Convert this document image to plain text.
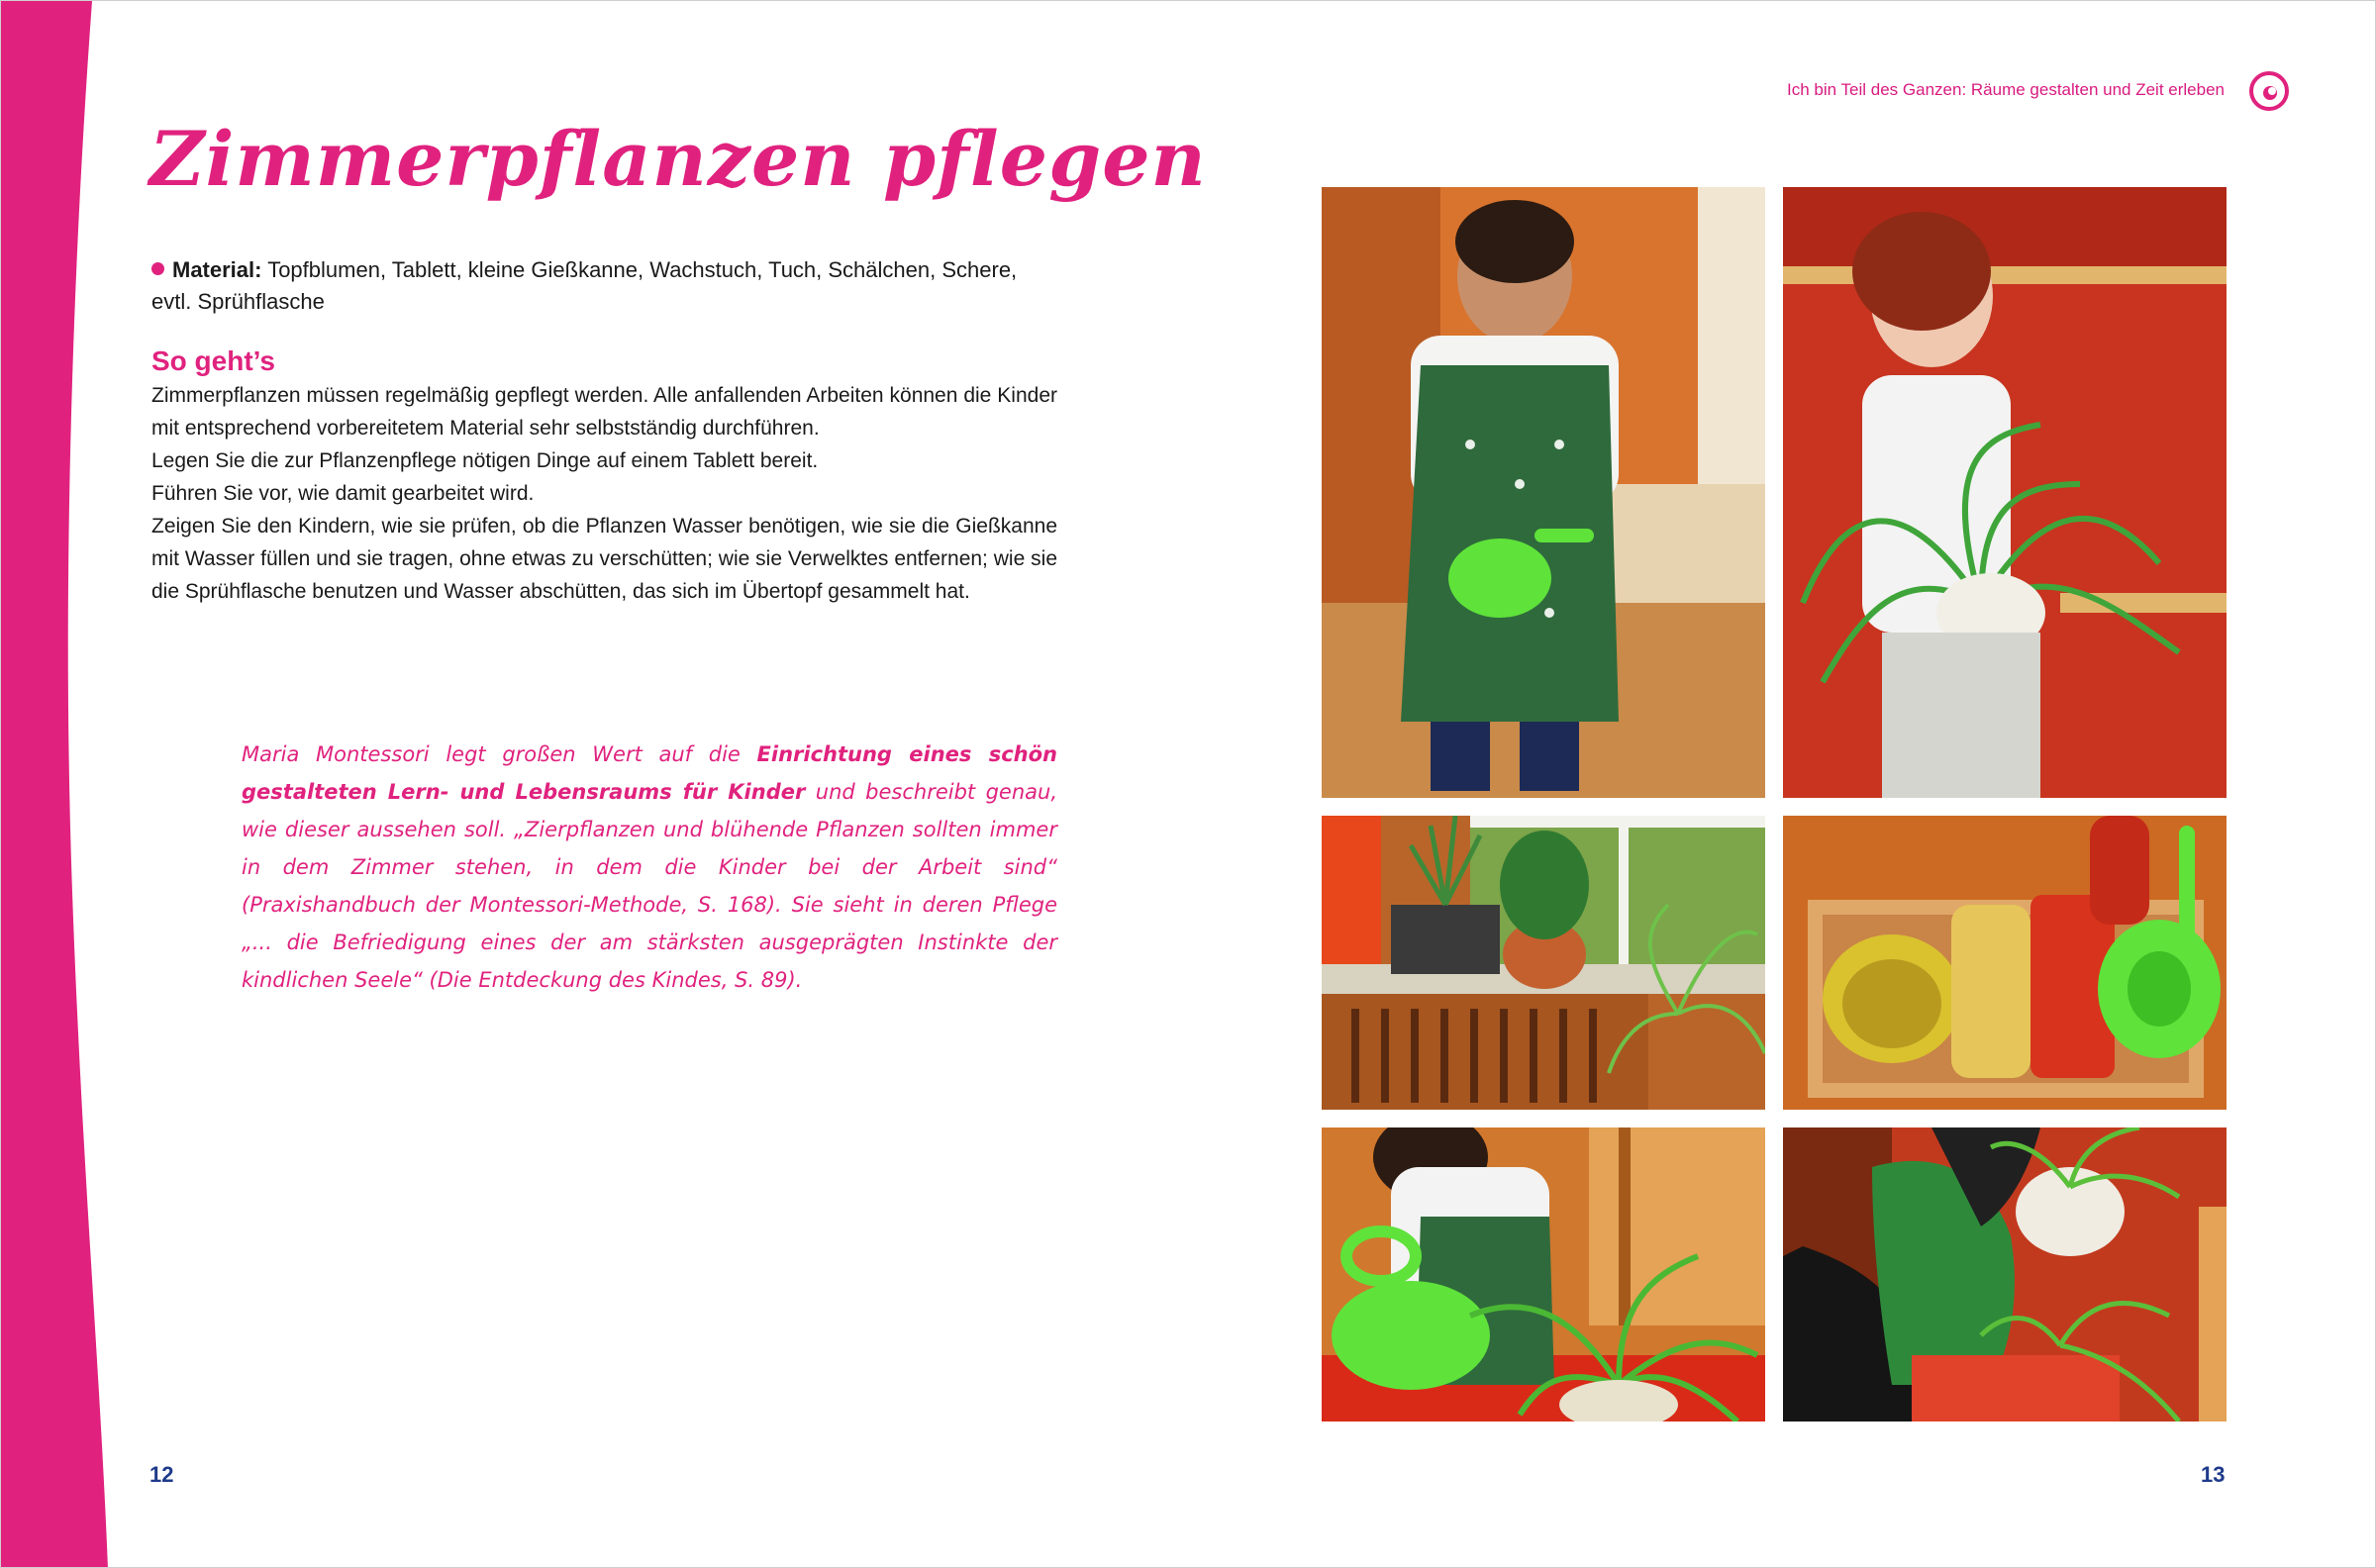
Ich bin Teil des Ganzen: Räume gestalten und Zeit erleben
Zimmerpflanzen pflegen
Material: Topfblumen, Tablett, kleine Gießkanne, Wachstuch, Tuch, Schälchen, Schere, evtl. Sprühflasche
So geht’s

Zimmerpflanzen müssen regelmäßig gepflegt werden. Alle anfallenden Arbeiten können die Kinder mit entsprechend vorbereitetem Material sehr selbstständig durchführen.

Legen Sie die zur Pflanzenpflege nötigen Dinge auf einem Tablett bereit.

Führen Sie vor, wie damit gearbeitet wird.

Zeigen Sie den Kindern, wie sie prüfen, ob die Pflanzen Wasser benötigen, wie sie die Gießkanne mit Wasser füllen und sie tragen, ohne etwas zu verschütten; wie sie Verwelktes entfernen; wie sie die Sprühflasche benutzen und Wasser abschütten, das sich im Übertopf gesammelt hat.

Maria Montessori legt großen Wert auf die Einrichtung eines schön gestalteten Lern- und Lebensraums für Kinder und beschreibt genau, wie dieser aussehen soll. „Zierpflanzen und blühende Pflanzen sollten immer in dem Zimmer stehen, in dem die Kinder bei der Arbeit sind“ (Praxishandbuch der Montessori-Methode, S. 168). Sie sieht in deren Pflege „... die Befriedigung eines der am stärksten ausgeprägten Instinkte der kindlichen Seele“ (Die Entdeckung des Kindes, S. 89).

12	13
